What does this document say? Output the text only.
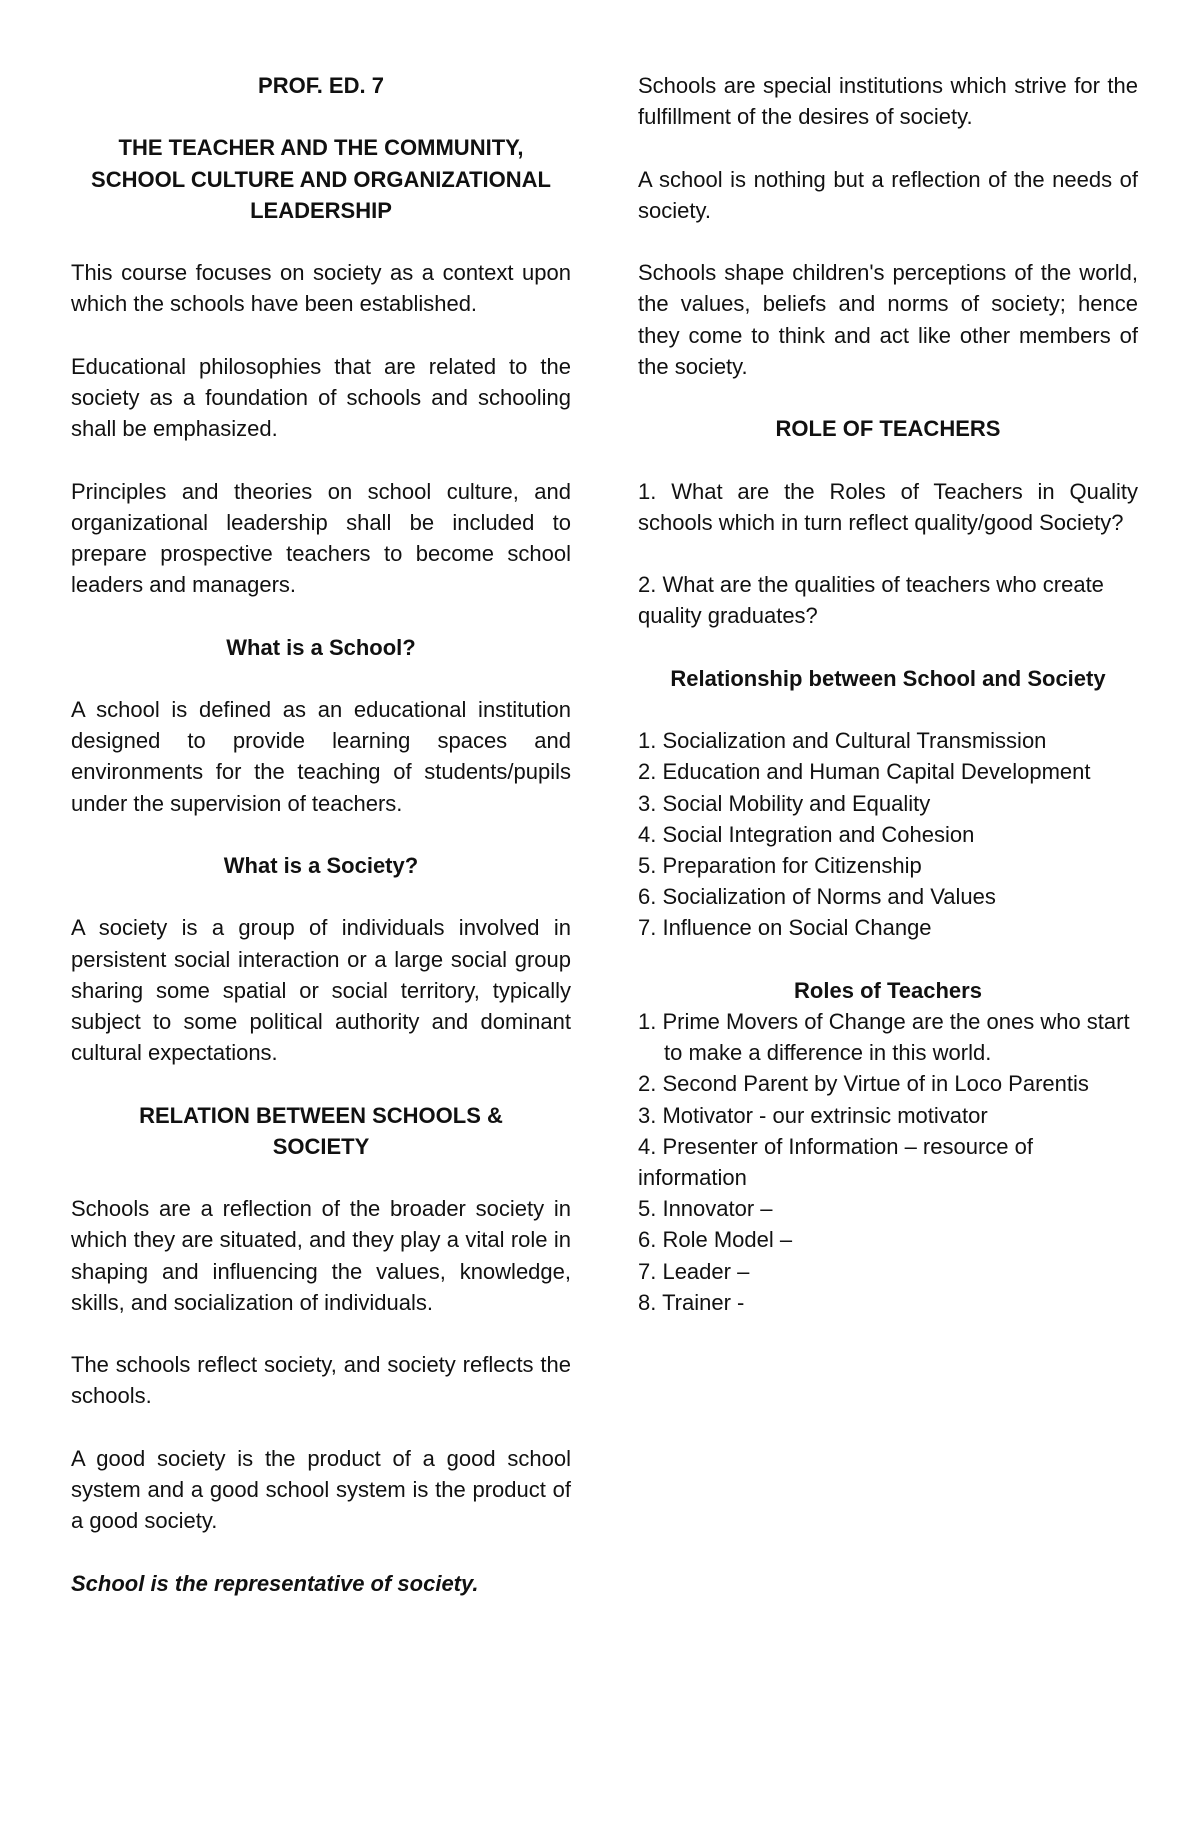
PROF. ED. 7

THE TEACHER AND THE COMMUNITY,
SCHOOL CULTURE AND ORGANIZATIONAL
LEADERSHIP

This course focuses on society as a context upon which the schools have been established.

Educational philosophies that are related to the society as a foundation of schools and schooling shall be emphasized.

Principles and theories on school culture, and organizational leadership shall be included to prepare prospective teachers to become school leaders and managers.

What is a School?

A school is defined as an educational institution designed to provide learning spaces and environments for the teaching of students/pupils under the supervision of teachers.

What is a Society?

A society is a group of individuals involved in persistent social interaction or a large social group sharing some spatial or social territory, typically subject to some political authority and dominant cultural expectations.

RELATION BETWEEN SCHOOLS &
SOCIETY

Schools are a reflection of the broader society in which they are situated, and they play a vital role in shaping and influencing the values, knowledge, skills, and socialization of individuals.

The schools reflect society, and society reflects the schools.

A good society is the product of a good school system and a good school system is the product of a good society.

School is the representative of society.

Schools are special institutions which strive for the fulfillment of the desires of society.

A school is nothing but a reflection of the needs of society.

Schools shape children's perceptions of the world, the values, beliefs and norms of society; hence they come to think and act like other members of the society.

ROLE OF TEACHERS

1. What are the Roles of Teachers in Quality schools which in turn reflect quality/good Society?

2. What are the qualities of teachers who create quality graduates?

Relationship between School and Society

1. Socialization and Cultural Transmission
2. Education and Human Capital Development
3. Social Mobility and Equality
4. Social Integration and Cohesion
5. Preparation for Citizenship
6. Socialization of Norms and Values
7. Influence on Social Change

Roles of Teachers

1. Prime Movers of Change are the ones who start to make a difference in this world.
2. Second Parent by Virtue of in Loco Parentis
3. Motivator - our extrinsic motivator
4. Presenter of Information – resource of information
5. Innovator –
6. Role Model –
7. Leader –
8. Trainer -
